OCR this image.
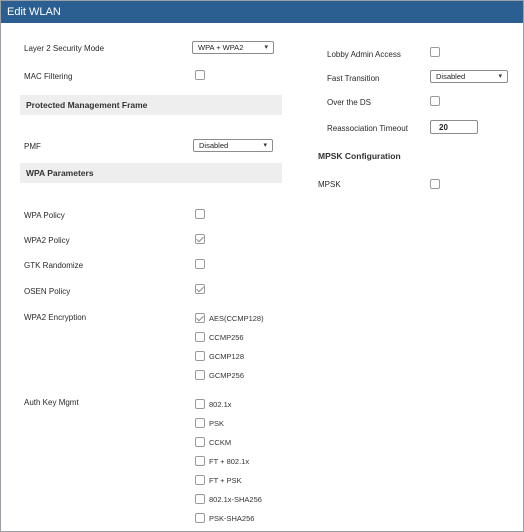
Edit WLAN
Layer 2 Security Mode	WPA + WPA2	▾
MAC Filtering
Protected Management Frame
PMF	Disabled	▾
WPA Parameters
WPA Policy
WPA2 Policy
GTK Randomize
OSEN Policy
WPA2 Encryption	AES(CCMP128)
CCMP256
GCMP128
GCMP256
Auth Key Mgmt	802.1x
PSK
CCKM
FT + 802.1x
FT + PSK
802.1x-SHA256
PSK-SHA256
Lobby Admin Access
Fast Transition	Disabled	▾
Over the DS
Reassociation Timeout	20
MPSK Configuration
MPSK
